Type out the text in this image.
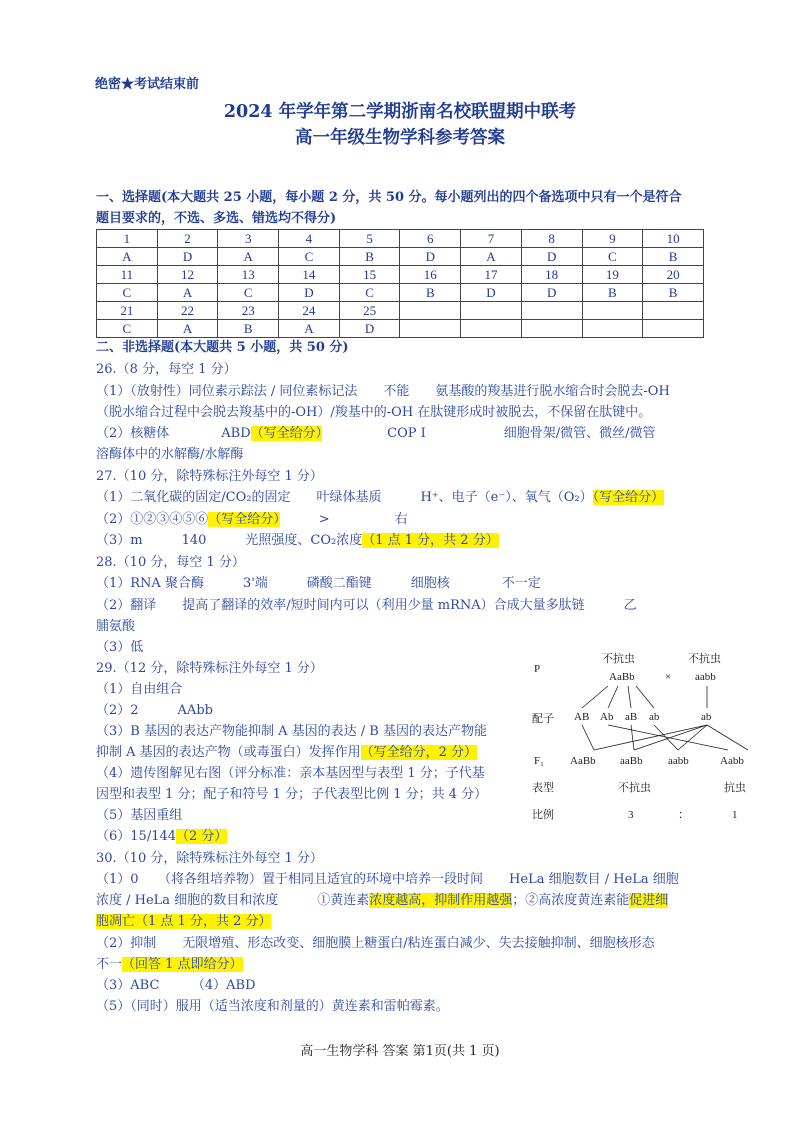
绝密★考试结束前
2024 年学年第二学期浙南名校联盟期中联考
高一年级生物学科参考答案
一、选择题(本大题共 25 小题，每小题 2 分，共 50 分。每小题列出的四个备选项中只有一个是符合
题目要求的，不选、多选、错选均不得分)
1	2	3	4	5	6	7	8	9	10
A	D	A	C	B	D	A	D	C	B
11	12	13	14	15	16	17	18	19	20
C	A	C	D	C	B	D	D	B	B
21	22	23	24	25					
C	A	B	A	D					
二、非选择题(本大题共 5 小题，共 50 分)
26.（8 分，每空 1 分）
（1）（放射性）同位素示踪法 / 同位素标记法　　不能　　氨基酸的羧基进行脱水缩合时会脱去-OH
（脱水缩合过程中会脱去羧基中的-OH）/羧基中的-OH 在肽键形成时被脱去，不保留在肽键中。
（2）核糖体　　　　ABD（写全给分）　　　　　COP I　　　　　　细胞骨架/微管、微丝/微管
溶酶体中的水解酶/水解酶
27.（10 分，除特殊标注外每空 1 分）
（1）二氧化碳的固定/CO₂的固定　　叶绿体基质　　　H⁺、电子（e⁻）、氧气（O₂）（写全给分）
（2）①②③④⑤⑥（写全给分）　　　>　　　　　右
（3）m　　　140　　　光照强度、CO₂浓度（1 点 1 分，共 2 分）
28.（10 分，每空 1 分）
（1）RNA 聚合酶　　　3'端　　　磷酸二酯键　　　细胞核　　　　不一定
（2）翻译　　提高了翻译的效率/短时间内可以（利用少量 mRNA）合成大量多肽链　　　乙
脯氨酸
（3）低
29.（12 分，除特殊标注外每空 1 分）
（1）自由组合
（2）2　　　AAbb
（3）B 基因的表达产物能抑制 A 基因的表达 / B 基因的表达产物能
抑制 A 基因的表达产物（或毒蛋白）发挥作用（写全给分，2 分）
（4）遗传图解见右图（评分标准：亲本基因型与表型 1 分；子代基
因型和表型 1 分；配子和符号 1 分；子代表型比例 1 分；共 4 分）
（5）基因重组
（6）15/144（2 分）
P
不抗虫
AaBb	×
不抗虫
aabb
配子 AB Ab aB ab	ab
F₁ AaBb aaBb aabb	Aabb
表型	不抗虫	抗虫
比例	3	：	1
30.（10 分，除特殊标注外每空 1 分）
（1）0　　（将各组培养物）置于相同且适宜的环境中培养一段时间　　HeLa 细胞数目 / HeLa 细胞
浓度 / HeLa 细胞的数目和浓度　　　①黄连素浓度越高，抑制作用越强；②高浓度黄连素能促进细
胞凋亡（1 点 1 分，共 2 分）
（2）抑制　　无限增殖、形态改变、细胞膜上糖蛋白/粘连蛋白减少、失去接触抑制、细胞核形态
不一（回答 1 点即给分）
（3）ABC　　　（4）ABD
（5）（同时）服用（适当浓度和剂量的）黄连素和雷帕霉素。
高一生物学科 答案 第1页(共 1 页)
